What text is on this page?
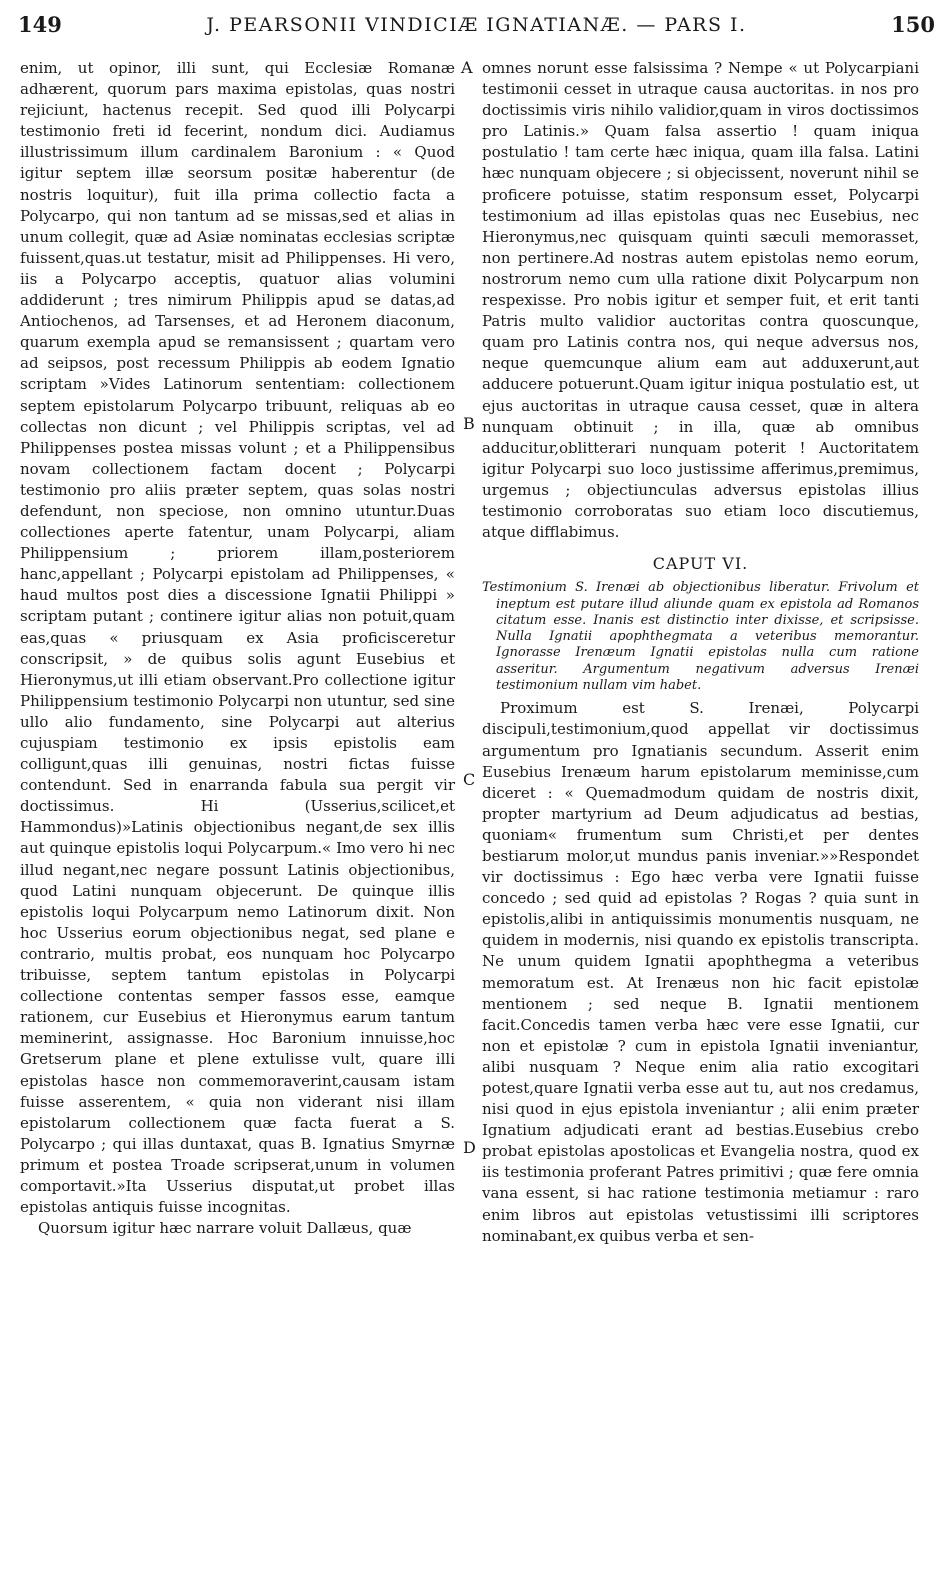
149	J. PEARSONII VINDICIÆ IGNATIANÆ. — PARS I.	150
A
B
C
D

enim, ut opinor, illi sunt, qui Ecclesiæ Romanæ adhærent, quorum pars maxima epistolas, quas nostri rejiciunt, hactenus recepit. Sed quod illi Polycarpi testimonio freti id fecerint, nondum dici. Audiamus illustrissimum illum cardinalem Baronium : « Quod igitur septem illæ seorsum positæ haberentur (de nostris loquitur), fuit illa prima collectio facta a Polycarpo, qui non tantum ad se missas,sed et alias in unum collegit, quæ ad Asiæ nominatas ecclesias scriptæ fuissent,quas.ut testatur, misit ad Philippenses. Hi vero, iis a Polycarpo acceptis, quatuor alias volumini addiderunt ; tres nimirum Philippis apud se datas,ad Antiochenos, ad Tarsenses, et ad Heronem diaconum, quarum exempla apud se remansissent ; quartam vero ad seipsos, post recessum Philippis ab eodem Ignatio scriptam »Vides Latinorum sententiam: collectionem septem epistolarum Polycarpo tribuunt, reliquas ab eo collectas non dicunt ; vel Philippis scriptas, vel ad Philippenses postea missas volunt ; et a Philippensibus novam collectionem factam docent ; Polycarpi testimonio pro aliis præter septem, quas solas nostri defendunt, non speciose, non omnino utuntur.Duas collectiones aperte fatentur, unam Polycarpi, aliam Philippensium ; priorem illam,posteriorem hanc,appellant ; Polycarpi epistolam ad Philippenses, « haud multos post dies a discessione Ignatii Philippi » scriptam putant ; continere igitur alias non potuit,quam eas,quas « priusquam ex Asia proficisceretur conscripsit, » de quibus solis agunt Eusebius et Hieronymus,ut illi etiam observant.Pro collectione igitur Philippensium testimonio Polycarpi non utuntur, sed sine ullo alio fundamento, sine Polycarpi aut alterius cujuspiam testimonio ex ipsis epistolis eam colligunt,quas illi genuinas, nostri fictas fuisse contendunt. Sed in enarranda fabula sua pergit vir doctissimus. Hi (Usserius,scilicet,et Hammondus)»Latinis objectionibus negant,de sex illis aut quinque epistolis loqui Polycarpum.« Imo vero hi nec illud negant,nec negare possunt Latinis objectionibus, quod Latini nunquam objecerunt. De quinque illis epistolis loqui Polycarpum nemo Latinorum dixit. Non hoc Usserius eorum objectionibus negat, sed plane e contrario, multis probat, eos nunquam hoc Polycarpo tribuisse, septem tantum epistolas in Polycarpi collectione contentas semper fassos esse, eamque rationem, cur Eusebius et Hieronymus earum tantum meminerint, assignasse. Hoc Baronium innuisse,hoc Gretserum plane et plene extulisse vult, quare illi epistolas hasce non commemoraverint,causam istam fuisse asserentem, « quia non viderant nisi illam epistolarum collectionem quæ facta fuerat a S. Polycarpo ; qui illas duntaxat, quas B. Ignatius Smyrnæ primum et postea Troade scripserat,unum in volumen comportavit.»Ita Usserius disputat,ut probet illas epistolas antiquis fuisse incognitas.

Quorsum igitur hæc narrare voluit Dallæus, quæ

omnes norunt esse falsissima ? Nempe « ut Polycarpiani testimonii cesset in utraque causa auctoritas. in nos pro doctissimis viris nihilo validior,quam in viros doctissimos pro Latinis.» Quam falsa assertio ! quam iniqua postulatio ! tam certe hæc iniqua, quam illa falsa. Latini hæc nunquam objecere ; si objecissent, noverunt nihil se proficere potuisse, statim responsum esset, Polycarpi testimonium ad illas epistolas quas nec Eusebius, nec Hieronymus,nec quisquam quinti sæculi memorasset, non pertinere.Ad nostras autem epistolas nemo eorum, nostrorum nemo cum ulla ratione dixit Polycarpum non respexisse. Pro nobis igitur et semper fuit, et erit tanti Patris multo validior auctoritas contra quoscunque, quam pro Latinis contra nos, qui neque adversus nos, neque quemcunque alium eam aut adduxerunt,aut adducere potuerunt.Quam igitur iniqua postulatio est, ut ejus auctoritas in utraque causa cesset, quæ in altera nunquam obtinuit ; in illa, quæ ab omnibus adducitur,oblitterari nunquam poterit ! Auctoritatem igitur Polycarpi suo loco justissime afferimus,premimus, urgemus ; objectiunculas adversus epistolas illius testimonio corroboratas suo etiam loco discutiemus, atque difflabimus.

CAPUT VI.
Testimonium S. Irenæi ab objectionibus liberatur. Frivolum et ineptum est putare illud aliunde quam ex epistola ad Romanos citatum esse. Inanis est distinctio inter dixisse, et scripsisse. Nulla Ignatii apophthegmata a veteribus memorantur. Ignorasse Irenæum Ignatii epistolas nulla cum ratione asseritur. Argumentum negativum adversus Irenæi testimonium nullam vim habet.

Proximum est S. Irenæi, Polycarpi discipuli,testimonium,quod appellat vir doctissimus argumentum pro Ignatianis secundum. Asserit enim Eusebius Irenæum harum epistolarum meminisse,cum diceret : « Quemadmodum quidam de nostris dixit, propter martyrium ad Deum adjudicatus ad bestias, quoniam« frumentum sum Christi,et per dentes bestiarum molor,ut mundus panis inveniar.»»Respondet vir doctissimus : Ego hæc verba vere Ignatii fuisse concedo ; sed quid ad epistolas ? Rogas ? quia sunt in epistolis,alibi in antiquissimis monumentis nusquam, ne quidem in modernis, nisi quando ex epistolis transcripta. Ne unum quidem Ignatii apophthegma a veteribus memoratum est. At Irenæus non hic facit epistolæ mentionem ; sed neque B. Ignatii mentionem facit.Concedis tamen verba hæc vere esse Ignatii, cur non et epistolæ ? cum in epistola Ignatii inveniantur, alibi nusquam ? Neque enim alia ratio excogitari potest,quare Ignatii verba esse aut tu, aut nos credamus, nisi quod in ejus epistola inveniantur ; alii enim præter Ignatium adjudicati erant ad bestias.Eusebius crebo probat epistolas apostolicas et Evangelia nostra, quod ex iis testimonia proferant Patres primitivi ; quæ fere omnia vana essent, si hac ratione testimonia metiamur : raro enim libros aut epistolas vetustissimi illi scriptores nominabant,ex quibus verba et sen-
